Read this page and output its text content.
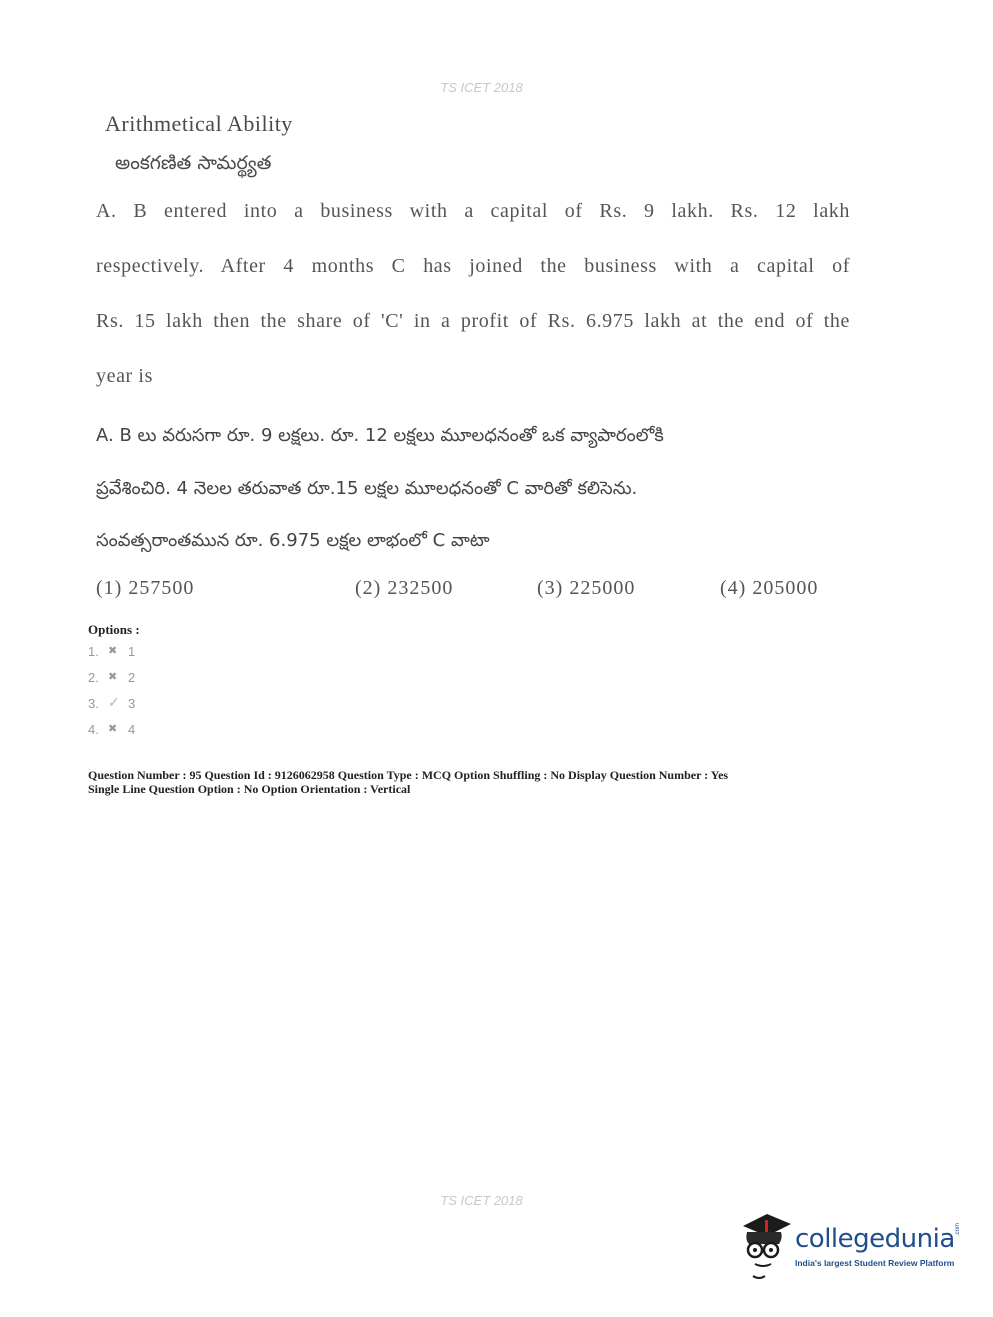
TS ICET 2018
Arithmetical Ability
అంకగణిత సామర్థ్యత
A. B entered into a business with a capital of Rs. 9 lakh. Rs. 12 lakh
respectively. After 4 months C has joined the business with a capital of
Rs. 15 lakh then the share of 'C' in a profit of Rs. 6.975 lakh at the end of the
year is
A. B లు వరుసగా రూ. 9 లక్షలు. రూ. 12 లక్షలు మూలధనంతో ఒక వ్యాపారంలోకి
ప్రవేశించిరి. 4 నెలల తరువాత రూ.15 లక్షల మూలధనంతో C వారితో కలిసెను.
సంవత్సరాంతమున రూ. 6.975 లక్షల లాభంలో C వాటా
(1) 257500	(2) 232500	(3) 225000	(4) 205000
Options :
1. ✖ 1
2. ✖ 2
3. ✓ 3
4. ✖ 4
Question Number : 95 Question Id : 9126062958 Question Type : MCQ Option Shuffling : No Display Question Number : Yes
Single Line Question Option : No Option Orientation : Vertical
TS ICET 2018
collegedunia .com
India's largest Student Review Platform
